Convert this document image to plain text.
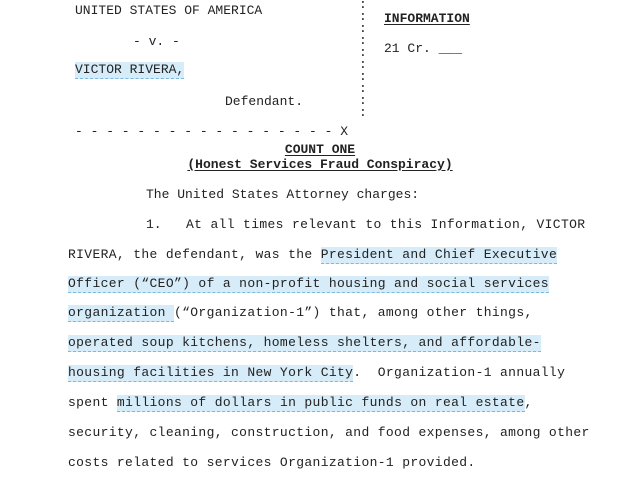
UNITED STATES OF AMERICA
- v. -
VICTOR RIVERA,
Defendant.
- - - - - - - - - - - - - - - - - X
:
:
:
:
:
:
:
:
:
:
INFORMATION
21 Cr. ___
COUNT ONE
(Honest Services Fraud Conspiracy)
The United States Attorney charges:
1. At all times relevant to this Information, VICTOR
RIVERA, the defendant, was the President and Chief Executive
Officer (“CEO”) of a non-profit housing and social services
organization (“Organization-1”) that, among other things,
operated soup kitchens, homeless shelters, and affordable-
housing facilities in New York City.  Organization-1 annually
spent millions of dollars in public funds on real estate,
security, cleaning, construction, and food expenses, among other
costs related to services Organization-1 provided.
